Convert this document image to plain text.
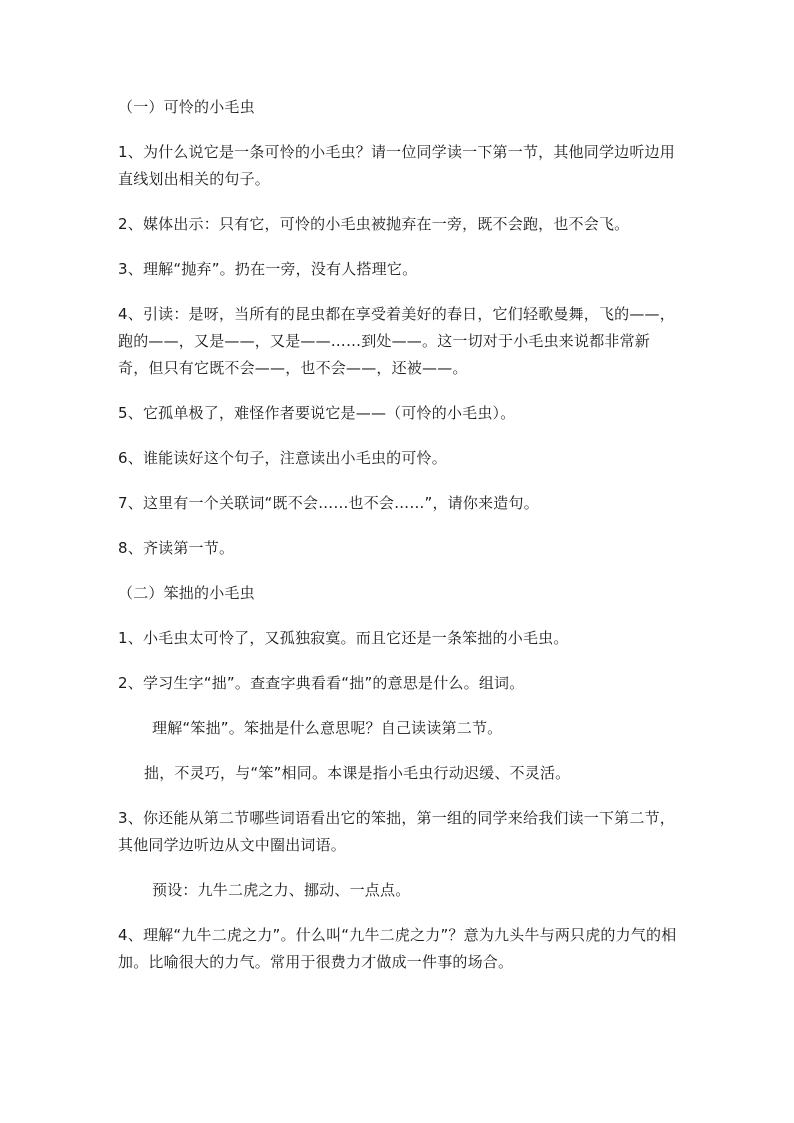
（一）可怜的小毛虫

1、为什么说它是一条可怜的小毛虫？请一位同学读一下第一节，其他同学边听边用直线划出相关的句子。

2、媒体出示：只有它，可怜的小毛虫被抛弃在一旁，既不会跑，也不会飞。

3、理解“抛弃”。扔在一旁，没有人搭理它。

4、引读：是呀，当所有的昆虫都在享受着美好的春日，它们轻歌曼舞，飞的——，跑的——，又是——，又是——……到处——。这一切对于小毛虫来说都非常新奇，但只有它既不会——，也不会——，还被——。

5、它孤单极了，难怪作者要说它是——（可怜的小毛虫）。

6、谁能读好这个句子，注意读出小毛虫的可怜。

7、这里有一个关联词“既不会……也不会……”，请你来造句。

8、齐读第一节。

（二）笨拙的小毛虫

1、小毛虫太可怜了，又孤独寂寞。而且它还是一条笨拙的小毛虫。

2、学习生字“拙”。查查字典看看“拙”的意思是什么。组词。

理解“笨拙”。笨拙是什么意思呢？自己读读第二节。

拙，不灵巧，与“笨”相同。本课是指小毛虫行动迟缓、不灵活。

3、你还能从第二节哪些词语看出它的笨拙，第一组的同学来给我们读一下第二节，其他同学边听边从文中圈出词语。

预设：九牛二虎之力、挪动、一点点。

4、理解“九牛二虎之力”。什么叫“九牛二虎之力”？意为九头牛与两只虎的力气的相加。比喻很大的力气。常用于很费力才做成一件事的场合。
